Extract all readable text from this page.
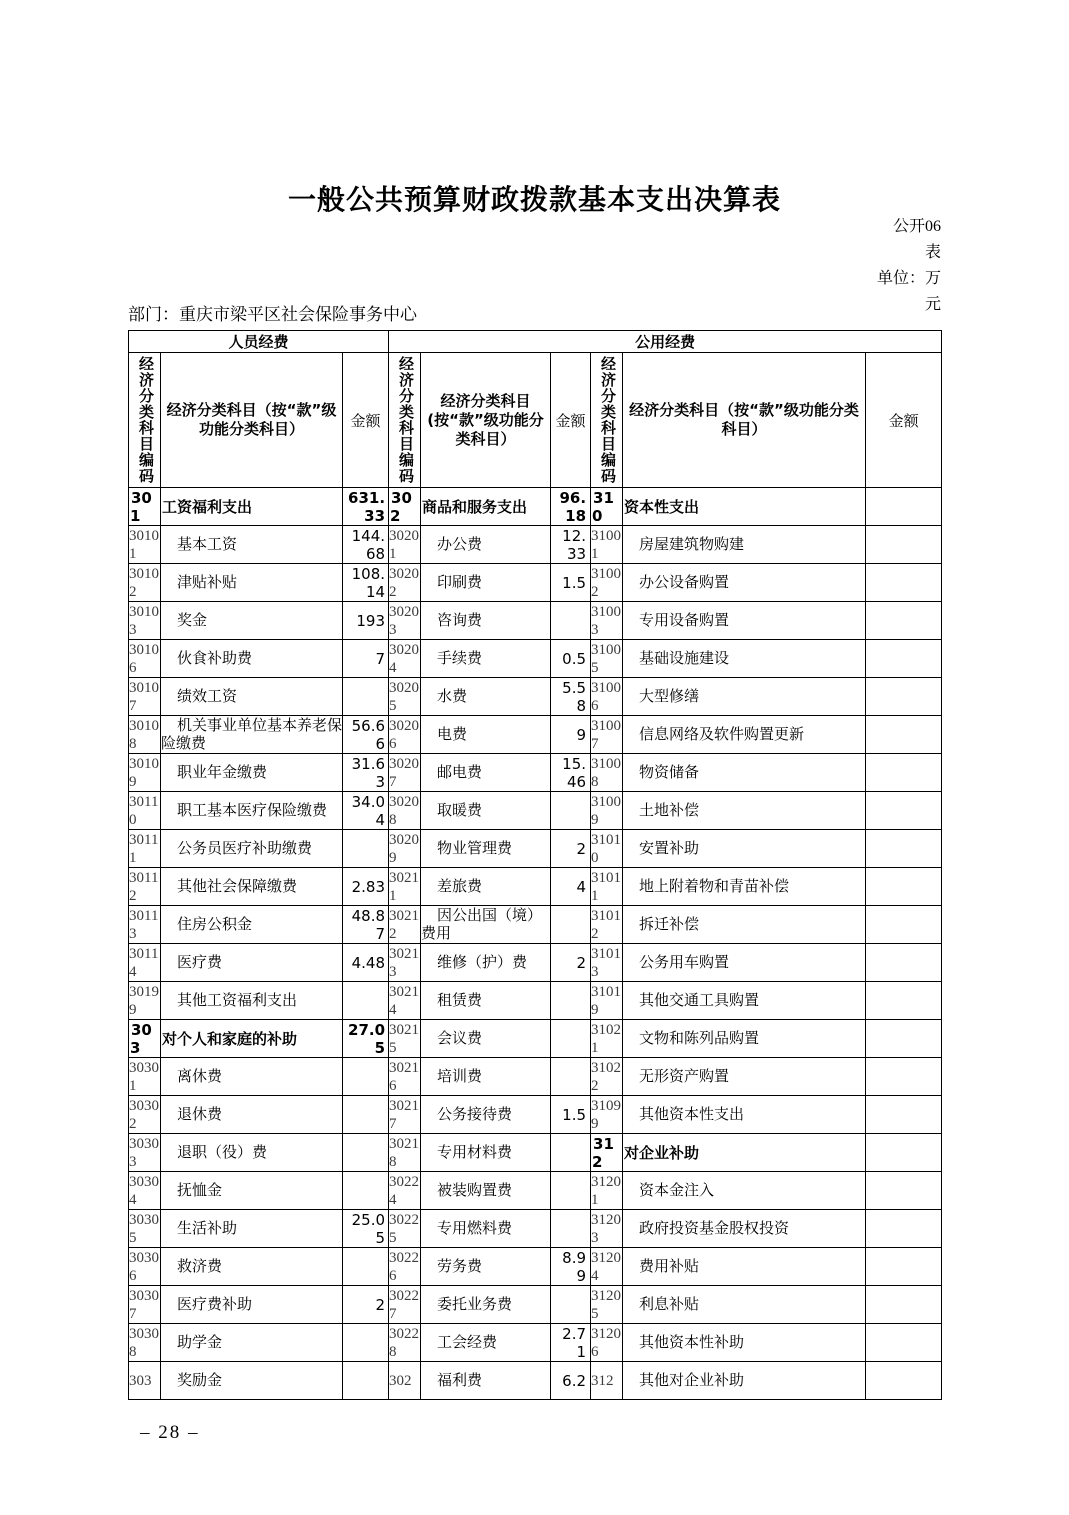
一般公共预算财政拨款基本支出决算表
公开06
表
单位：万
元
部门：重庆市梁平区社会保险事务中心
人员经费			公用经费					

经济分类科目编码	经济分类科目（按“款”级功能分类科目）	金额	经济分类科目编码	经济分类科目(按“款”级功能分类科目）	金额	经济分类科目编码	经济分类科目（按“款”级功能分类科目）	金额
301	工资福利支出	631.33	302	商品和服务支出	96.18	310	资本性支出	
30101	基本工资	144.68	30201	办公费	12.33	31001	房屋建筑物购建	
30102	津贴补贴	108.14	30202	印刷费	1.5	31002	办公设备购置	
30103	奖金	193	30203	咨询费		31003	专用设备购置	
30106	伙食补助费	7	30204	手续费	0.5	31005	基础设施建设	
30107	绩效工资		30205	水费	5.58	31006	大型修缮	
30108	机关事业单位基本养老保险缴费	56.66	30206	电费	9	31007	信息网络及软件购置更新	
30109	职业年金缴费	31.63	30207	邮电费	15.46	31008	物资储备	
30110	职工基本医疗保险缴费	34.04	30208	取暖费		31009	土地补偿	
30111	公务员医疗补助缴费		30209	物业管理费	2	31010	安置补助	
30112	其他社会保障缴费	2.83	30211	差旅费	4	31011	地上附着物和青苗补偿	
30113	住房公积金	48.87	30212	因公出国（境）费用		31012	拆迁补偿	
30114	医疗费	4.48	30213	维修（护）费	2	31013	公务用车购置	
30199	其他工资福利支出		30214	租赁费		31019	其他交通工具购置	
303	对个人和家庭的补助	27.05	30215	会议费		31021	文物和陈列品购置	
30301	离休费		30216	培训费		31022	无形资产购置	
30302	退休费		30217	公务接待费	1.5	31099	其他资本性支出	
30303	退职（役）费		30218	专用材料费		312	对企业补助	
30304	抚恤金		30224	被装购置费		31201	资本金注入	
30305	生活补助	25.05	30225	专用燃料费		31203	政府投资基金股权投资	
30306	救济费		30226	劳务费	8.99	31204	费用补贴	
30307	医疗费补助	2	30227	委托业务费		31205	利息补贴	
30308	助学金		30228	工会经费	2.71	31206	其他资本性补助	
303	奖励金		302	福利费	6.2	312	其他对企业补助	
– 28 –
